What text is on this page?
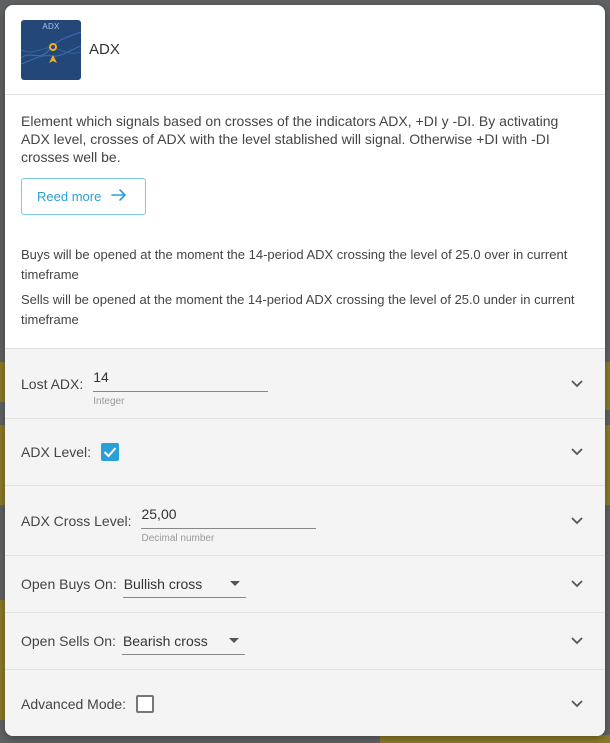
ADX
ADX

Element which signals based on crosses of the indicators ADX, +DI y -DI. By activating ADX level, crosses of ADX with the level stablished will signal. Otherwise +DI with -DI crosses well be.

Reed more

Buys will be opened at the moment the 14-period ADX crossing the level of 25.0 over in current timeframe

Sells will be opened at the moment the 14-period ADX crossing the level of 25.0 under in current timeframe

Lost ADX: 14
Integer
ADX Level:
ADX Cross Level: 25,00
Decimal number
Open Buys On: Bullish cross
Open Sells On: Bearish cross
Advanced Mode:
